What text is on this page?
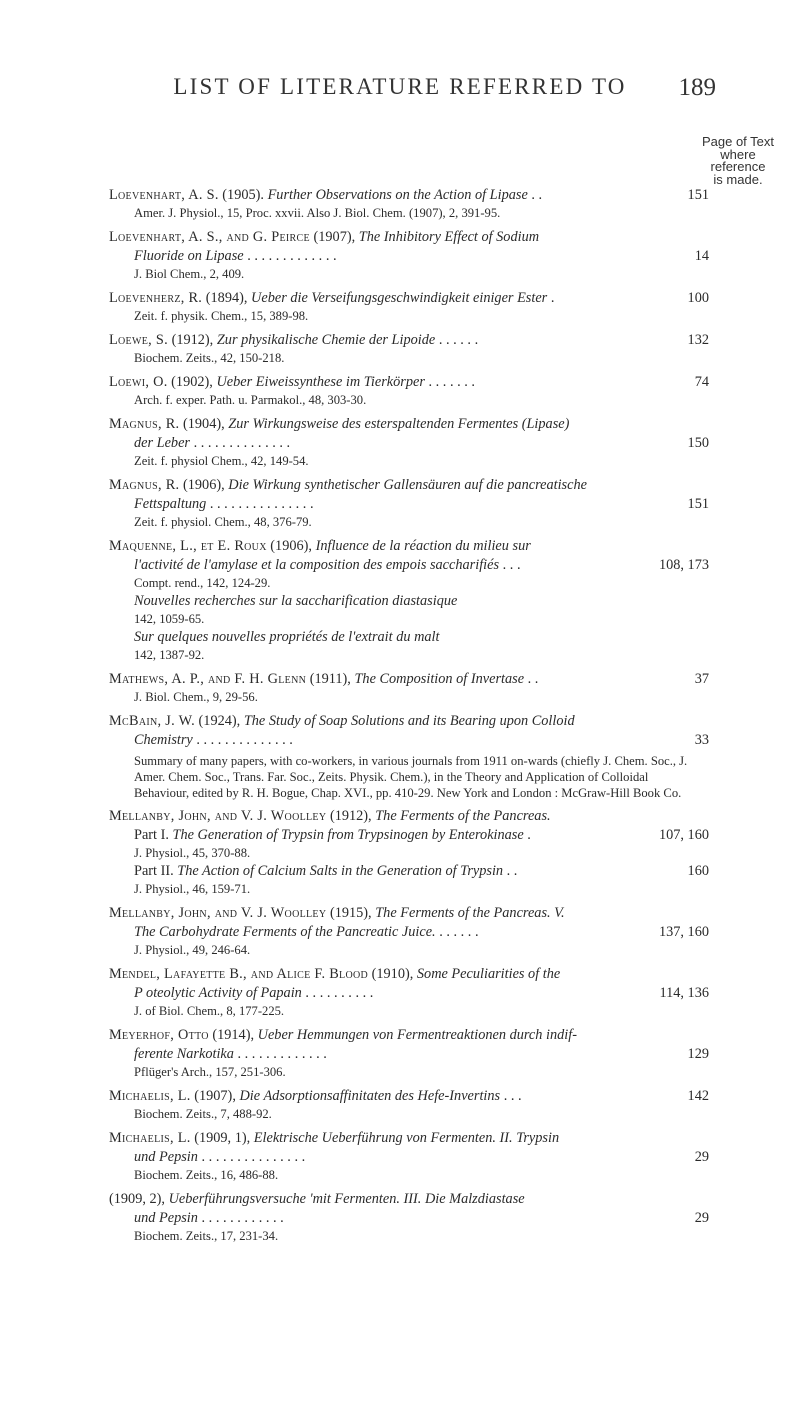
LIST OF LITERATURE REFERRED TO	189
Page of Text
where
reference
is made.
Loevenhart, A. S. (1905). Further Observations on the Action of Lipase . .	151
Amer. J. Physiol., 15, Proc. xxvii. Also J. Biol. Chem. (1907), 2, 391-95.
Loevenhart, A. S., and G. Peirce (1907), The Inhibitory Effect of Sodium
Fluoride on Lipase . . . . . . . . . . . . .	14
J. Biol Chem., 2, 409.
Loevenherz, R. (1894), Ueber die Verseifungsgeschwindigkeit einiger Ester .	100
Zeit. f. physik. Chem., 15, 389-98.
Loewe, S. (1912), Zur physikalische Chemie der Lipoide . . . . . .	132
Biochem. Zeits., 42, 150-218.
Loewi, O. (1902), Ueber Eiweissynthese im Tierkörper . . . . . . .	74
Arch. f. exper. Path. u. Parmakol., 48, 303-30.
Magnus, R. (1904), Zur Wirkungsweise des esterspaltenden Fermentes (Lipase)
der Leber . . . . . . . . . . . . . .	150
Zeit. f. physiol Chem., 42, 149-54.
Magnus, R. (1906), Die Wirkung synthetischer Gallensäuren auf die pancreatische
Fettspaltung . . . . . . . . . . . . . . .	151
Zeit. f. physiol. Chem., 48, 376-79.
Maquenne, L., et E. Roux (1906), Influence de la réaction du milieu sur
l'activité de l'amylase et la composition des empois saccharifiés . . .	108, 173
Compt. rend., 142, 124-29.
Nouvelles recherches sur la saccharification diastasique
142, 1059-65.
Sur quelques nouvelles propriétés de l'extrait du malt
142, 1387-92.
Mathews, A. P., and F. H. Glenn (1911), The Composition of Invertase . .	37
J. Biol. Chem., 9, 29-56.
McBain, J. W. (1924), The Study of Soap Solutions and its Bearing upon Colloid
Chemistry . . . . . . . . . . . . . .	33
Summary of many papers, with co-workers, in various journals from 1911 on-wards (chiefly J. Chem. Soc., J. Amer. Chem. Soc., Trans. Far. Soc., Zeits. Physik. Chem.), in the Theory and Application of Colloidal Behaviour, edited by R. H. Bogue, Chap. XVI., pp. 410-29. New York and London : McGraw-Hill Book Co.
Mellanby, John, and V. J. Woolley (1912), The Ferments of the Pancreas.
Part I. The Generation of Trypsin from Trypsinogen by Enterokinase .	107, 160
J. Physiol., 45, 370-88.
Part II. The Action of Calcium Salts in the Generation of Trypsin . .	160
J. Physiol., 46, 159-71.
Mellanby, John, and V. J. Woolley (1915), The Ferments of the Pancreas. V.
The Carbohydrate Ferments of the Pancreatic Juice. . . . . . .	137, 160
J. Physiol., 49, 246-64.
Mendel, Lafayette B., and Alice F. Blood (1910), Some Peculiarities of the
P oteolytic Activity of Papain . . . . . . . . . .	114, 136
J. of Biol. Chem., 8, 177-225.
Meyerhof, Otto (1914), Ueber Hemmungen von Fermentreaktionen durch indif-
ferente Narkotika . . . . . . . . . . . . .	129
Pflüger's Arch., 157, 251-306.
Michaelis, L. (1907), Die Adsorptionsaffinitaten des Hefe-Invertins . . .	142
Biochem. Zeits., 7, 488-92.
Michaelis, L. (1909, 1), Elektrische Ueberführung von Fermenten. II. Trypsin
und Pepsin . . . . . . . . . . . . . . .	29
Biochem. Zeits., 16, 486-88.
(1909, 2), Ueberführungsversuche 'mit Fermenten. III. Die Malzdiastase
und Pepsin . . . . . . . . . . . .	29
Biochem. Zeits., 17, 231-34.
